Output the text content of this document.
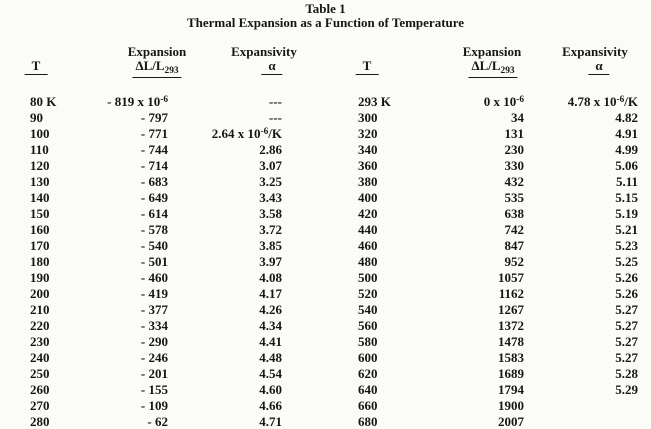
Table 1
Thermal Expansion as a Function of Temperature
Expansion	Expansivity
T	$\Delta L/L_{293}$	α
Expansion	Expansivity
T	$\Delta L/L_{293}$	α
80 K	- 819 x $10^{-6}$	---
90	- 797	---
100	- 771	2.64 x $10^{-6}/K$
110	- 744	2.86
120	- 714	3.07
130	- 683	3.25
140	- 649	3.43
150	- 614	3.58
160	- 578	3.72
170	- 540	3.85
180	- 501	3.97
190	- 460	4.08
200	- 419	4.17
210	- 377	4.26
220	- 334	4.34
230	- 290	4.41
240	- 246	4.48
250	- 201	4.54
260	- 155	4.60
270	- 109	4.66
280	- 62	4.71
293 K	0 x $10^{-6}$	4.78 x $10^{-6}/K$
300	34	4.82
320	131	4.91
340	230	4.99
360	330	5.06
380	432	5.11
400	535	5.15
420	638	5.19
440	742	5.21
460	847	5.23
480	952	5.25
500	1057	5.26
520	1162	5.26
540	1267	5.27
560	1372	5.27
580	1478	5.27
600	1583	5.27
620	1689	5.28
640	1794	5.29
660	1900
680	2007
